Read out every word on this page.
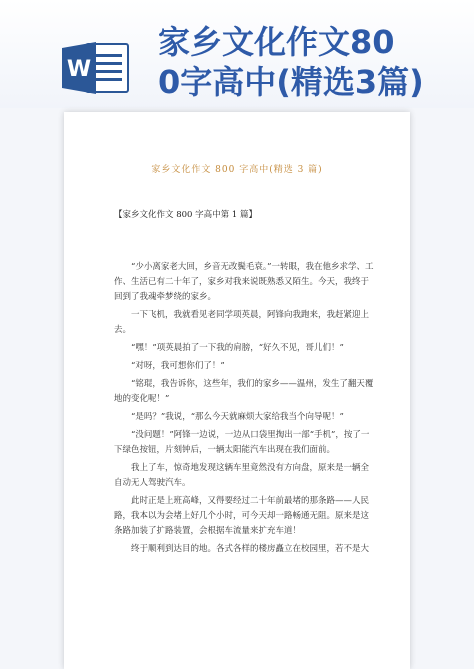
W
家乡文化作文80
0字高中(精选3篇)
家乡文化作文 800 字高中(精选 3 篇)
【家乡文化作文 800 字高中第 1 篇】

“少小离家老大回，乡音无改鬓毛衰。”一转眼，我在他乡求学、工作、生活已有二十年了，家乡对我来说既熟悉又陌生。今天，我终于回到了我魂牵梦绕的家乡。

一下飞机，我就看见老同学项英晨，阿锋向我跑来，我赶紧迎上去。

“嘿！”项英晨拍了一下我的肩膀，“好久不见，哥儿们！”

“对呀，我可想你们了！”

“铭琨，我告诉你，这些年，我们的家乡——温州，发生了翻天覆地的变化呢！”

“是吗？”我说，“那么今天就麻烦大家给我当个向导呢！”

“没问题！”阿锋一边说，一边从口袋里掏出一部“手机”，按了一下绿色按钮，片刻钟后，一辆太阳能汽车出现在我们面前。

我上了车，惊奇地发现这辆车里竟然没有方向盘，原来是一辆全自动无人驾驶汽车。

此时正是上班高峰，又得要经过二十年前最堵的那条路——人民路，我本以为会堵上好几个小时，可今天却一路畅通无阻。原来是这条路加装了扩路装置，会根据车流量来扩充车道！

终于顺利到达目的地。各式各样的楼房矗立在校园里，若不是大
